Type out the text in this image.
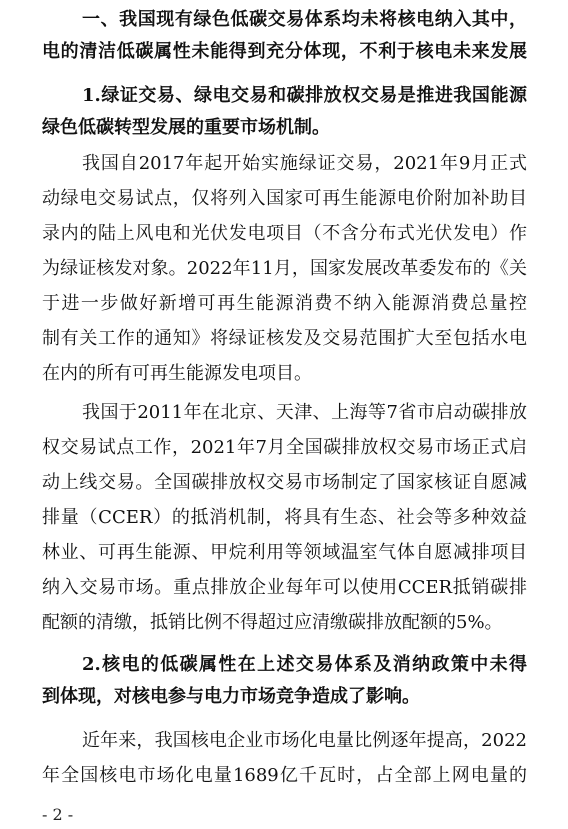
一、我国现有绿色低碳交易体系均未将核电纳入其中，
电的清洁低碳属性未能得到充分体现，不利于核电未来发展
1.绿证交易、绿电交易和碳排放权交易是推进我国能源
绿色低碳转型发展的重要市场机制。
我国自2017年起开始实施绿证交易，2021年9月正式
动绿电交易试点，仅将列入国家可再生能源电价附加补助目
录内的陆上风电和光伏发电项目（不含分布式光伏发电）作
为绿证核发对象。2022年11月，国家发展改革委发布的《关
于进一步做好新增可再生能源消费不纳入能源消费总量控
制有关工作的通知》将绿证核发及交易范围扩大至包括水电
在内的所有可再生能源发电项目。
我国于2011年在北京、天津、上海等7省市启动碳排放
权交易试点工作，2021年7月全国碳排放权交易市场正式启
动上线交易。全国碳排放权交易市场制定了国家核证自愿减
排量（CCER）的抵消机制，将具有生态、社会等多种效益
林业、可再生能源、甲烷利用等领域温室气体自愿减排项目
纳入交易市场。重点排放企业每年可以使用CCER抵销碳排
配额的清缴，抵销比例不得超过应清缴碳排放配额的5%。
2.核电的低碳属性在上述交易体系及消纳政策中未得
到体现，对核电参与电力市场竞争造成了影响。
近年来，我国核电企业市场化电量比例逐年提高，2022
年全国核电市场化电量1689亿千瓦时，占全部上网电量的
- 2 -
